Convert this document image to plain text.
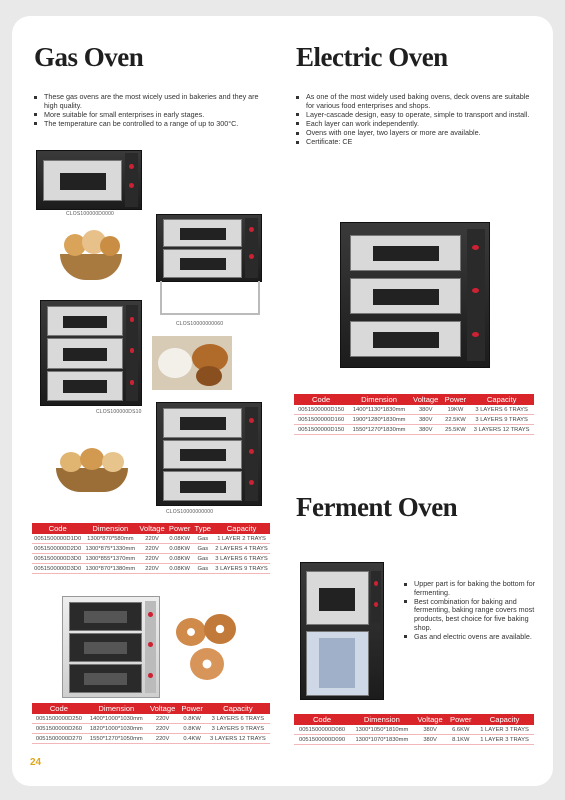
Gas Oven
These gas ovens are the most wicely used in bakeries and they are high quality.
More suitable for small enterprises in early stages.
The temperature can be controlled to a range of up to 300°C.
CLOS100000D0000
CLOS10000000060
CLOS100000DS10
CLOS10000000000
Code	Dimension	Voltage	Power	Type	Capacity
0051500000D1D0	1300*870*580mm	220V	0.08KW	Gas	1 LAYER 2 TRAYS
0051500000D2D0	1300*875*1330mm	220V	0.08KW	Gas	2 LAYERS 4 TRAYS
0051500000D3D0	1300*855*1370mm	220V	0.08KW	Gas	3 LAYERS 6 TRAYS
0051500000D3D0	1300*870*1380mm	220V	0.08KW	Gas	3 LAYERS 9 TRAYS
Code	Dimension	Voltage	Power	Capacity
0051500000D250	1400*1000*1030mm	220V	0.8KW	3 LAYERS 6 TRAYS
0051500000D260	1820*1000*1030mm	220V	0.8KW	3 LAYERS 9 TRAYS
0051500000D270	1550*1270*1050mm	220V	0.4KW	3 LAYERS 12 TRAYS
Electric Oven
As one of the most widely used baking ovens, deck ovens are suitable for various food enterprises and shops.
Layer-cascade design, easy to operate, simple to transport and install.
Each layer can work independently.
Ovens with one layer, two layers or more are available.
Certificate: CE
Code	Dimension	Voltage	Power	Capacity
0051500000D150	1400*1130*1830mm	380V	19KW	3 LAYERS 6 TRAYS
0051500000D160	1900*1280*1830mm	380V	22.5KW	3 LAYERS 9 TRAYS
0051500000D150	1550*1270*1830mm	380V	25.5KW	3 LAYERS 12 TRAYS
Ferment Oven
Upper part is for baking the bottom for fermenting.
Best combination for baking and fermenting, baking range covers most products, best choice for five baking shop.
Gas and electric ovens are available.
Code	Dimension	Voltage	Power	Capacity
0051500000D080	1300*1050*1810mm	380V	6.6KW	1 LAYER 3 TRAYS
0051500000D090	1300*1070*1830mm	380V	8.1KW	1 LAYER 3 TRAYS
24
